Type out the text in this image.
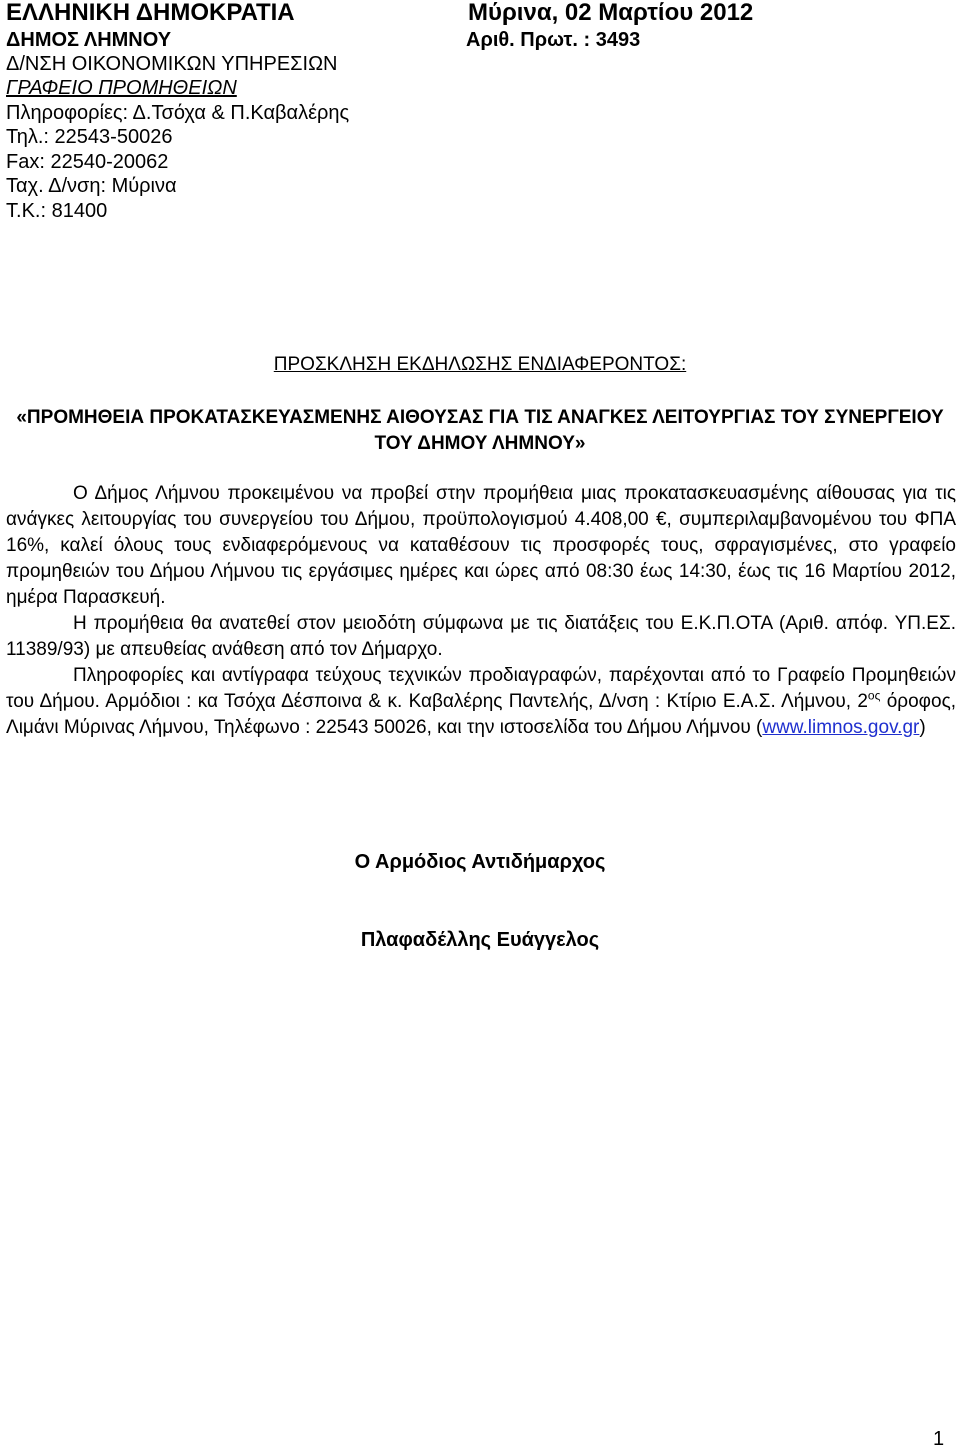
ΕΛΛΗΝΙΚΗ ΔΗΜΟΚΡΑΤΙΑ
ΔΗΜΟΣ ΛΗΜΝΟΥ
Δ/ΝΣΗ ΟΙΚΟΝΟΜΙΚΩΝ ΥΠΗΡΕΣΙΩΝ
ΓΡΑΦΕΙΟ ΠΡΟΜΗΘΕΙΩΝ
Πληροφορίες: Δ.Τσόχα & Π.Καβαλέρης
Τηλ.: 22543-50026
Fax: 22540-20062
Ταχ. Δ/νση: Μύρινα
Τ.Κ.: 81400
Μύρινα, 02 Μαρτίου 2012
Αριθ. Πρωτ. : 3493
ΠΡΟΣΚΛΗΣΗ ΕΚΔΗΛΩΣΗΣ ΕΝΔΙΑΦΕΡΟΝΤΟΣ:
«ΠΡΟΜΗΘΕΙΑ ΠΡΟΚΑΤΑΣΚΕΥΑΣΜΕΝΗΣ ΑΙΘΟΥΣΑΣ ΓΙΑ ΤΙΣ ΑΝΑΓΚΕΣ ΛΕΙΤΟΥΡΓΙΑΣ ΤΟΥ ΣΥΝΕΡΓΕΙΟΥ ΤΟΥ ΔΗΜΟΥ ΛΗΜΝΟΥ»

Ο Δήμος Λήμνου προκειμένου να προβεί στην προμήθεια μιας προκατασκευασμένης αίθουσας για τις ανάγκες λειτουργίας του συνεργείου του Δήμου, προϋπολογισμού 4.408,00 €, συμπεριλαμβανομένου του ΦΠΑ 16%, καλεί όλους τους ενδιαφερόμενους να καταθέσουν τις προσφορές τους, σφραγισμένες, στο γραφείο προμηθειών του Δήμου Λήμνου τις εργάσιμες ημέρες και ώρες από 08:30 έως 14:30, έως τις 16 Μαρτίου 2012, ημέρα Παρασκευή.

Η προμήθεια θα ανατεθεί στον μειοδότη σύμφωνα με τις διατάξεις του Ε.Κ.Π.ΟΤΑ (Αριθ. απόφ. ΥΠ.ΕΣ. 11389/93) με απευθείας ανάθεση από τον Δήμαρχο.

Πληροφορίες και αντίγραφα τεύχους τεχνικών προδιαγραφών, παρέχονται από το Γραφείο Προμηθειών του Δήμου. Αρμόδιοι : κα Τσόχα Δέσποινα & κ. Καβαλέρης Παντελής, Δ/νση : Κτίριο Ε.Α.Σ. Λήμνου, $2^{o\varsigma}$ όροφος, Λιμάνι Μύρινας Λήμνου, Τηλέφωνο : 22543 50026, και την ιστοσελίδα του Δήμου Λήμνου (www.limnos.gov.gr)

Ο Αρμόδιος Αντιδήμαρχος
Πλαφαδέλλης Ευάγγελος
1
